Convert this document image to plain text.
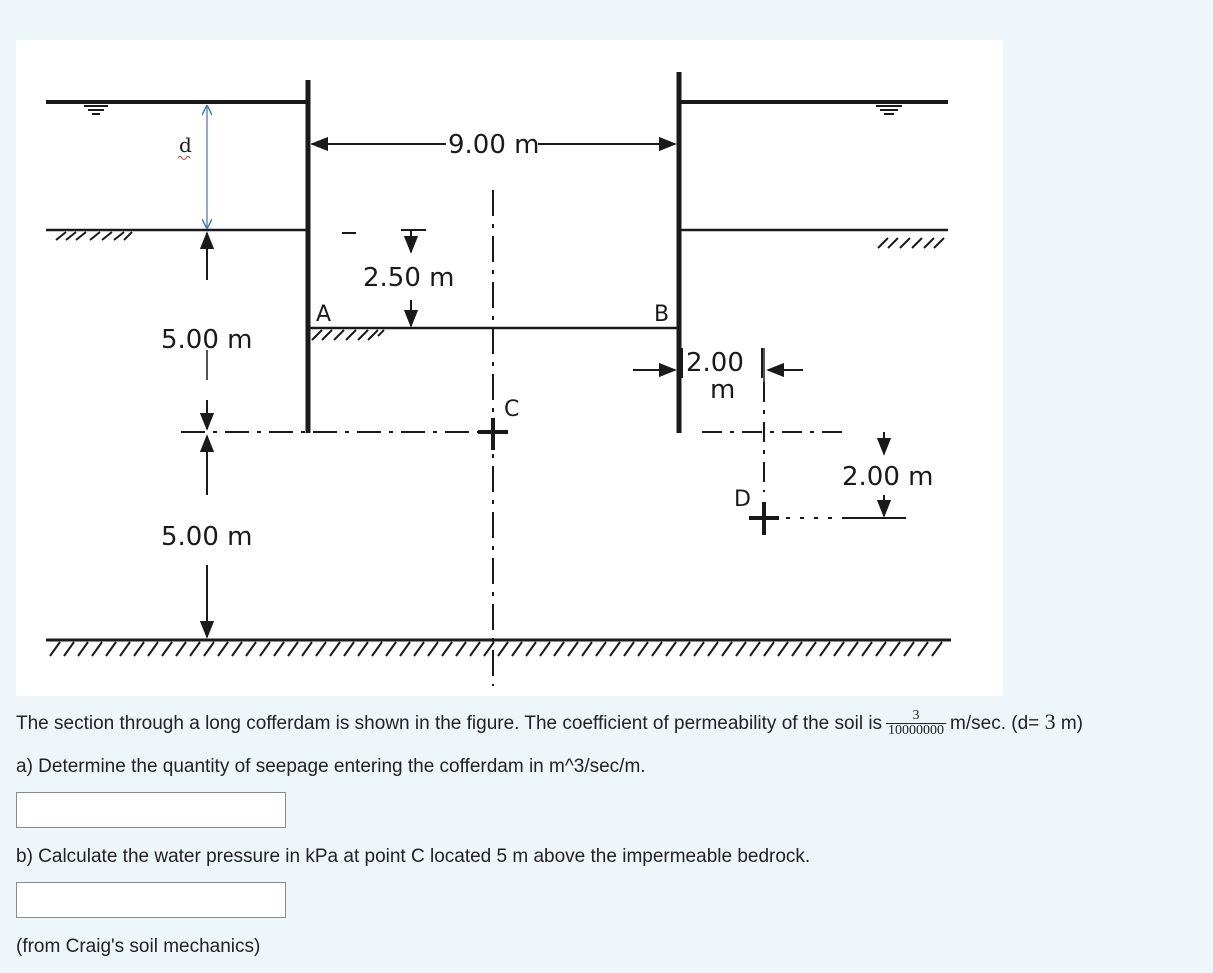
d	9.00 m
2.50 m
5.00 m
5.00 m
A	B
C
D
2.00
m
2.00 m
The section through a long cofferdam is shown in the figure. The coefficient of permeability of the soil is $\frac{3}{10000000} m/\sec$. (d= 3 m)
a) Determine the quantity of seepage entering the cofferdam in m^3/sec/m.
b) Calculate the water pressure in kPa at point C located 5 m above the impermeable bedrock.
(from Craig's soil mechanics)
